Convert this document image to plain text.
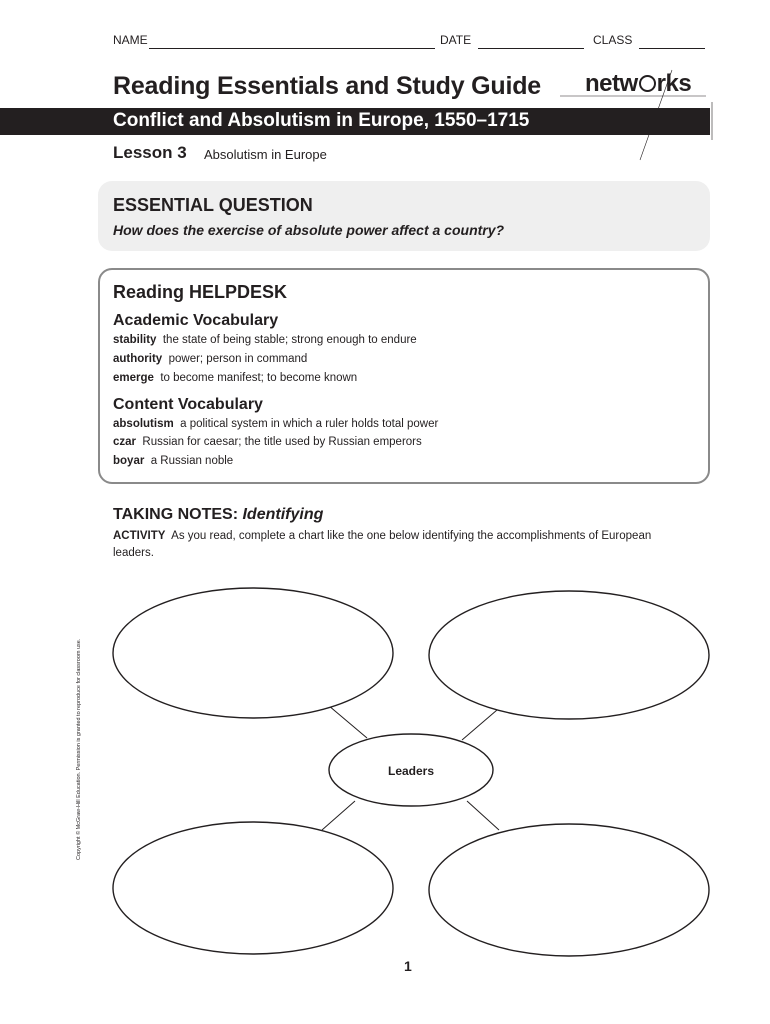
NAME	DATE	CLASS
Reading Essentials and Study Guide netw rks
Conflict and Absolutism in Europe, 1550–1715
Lesson 3 Absolutism in Europe
ESSENTIAL QUESTION
How does the exercise of absolute power affect a country?
Reading HELPDESK
Academic Vocabulary
stability the state of being stable; strong enough to endure
authority power; person in command
emerge to become manifest; to become known
Content Vocabulary
absolutism a political system in which a ruler holds total power
czar Russian for caesar; the title used by Russian emperors
boyar a Russian noble
TAKING NOTES: Identifying
ACTIVITY As you read, complete a chart like the one below identifying the accomplishments of European leaders.
Leaders
Copyright © McGraw-Hill Education. Permission is granted to reproduce for classroom use.
1
